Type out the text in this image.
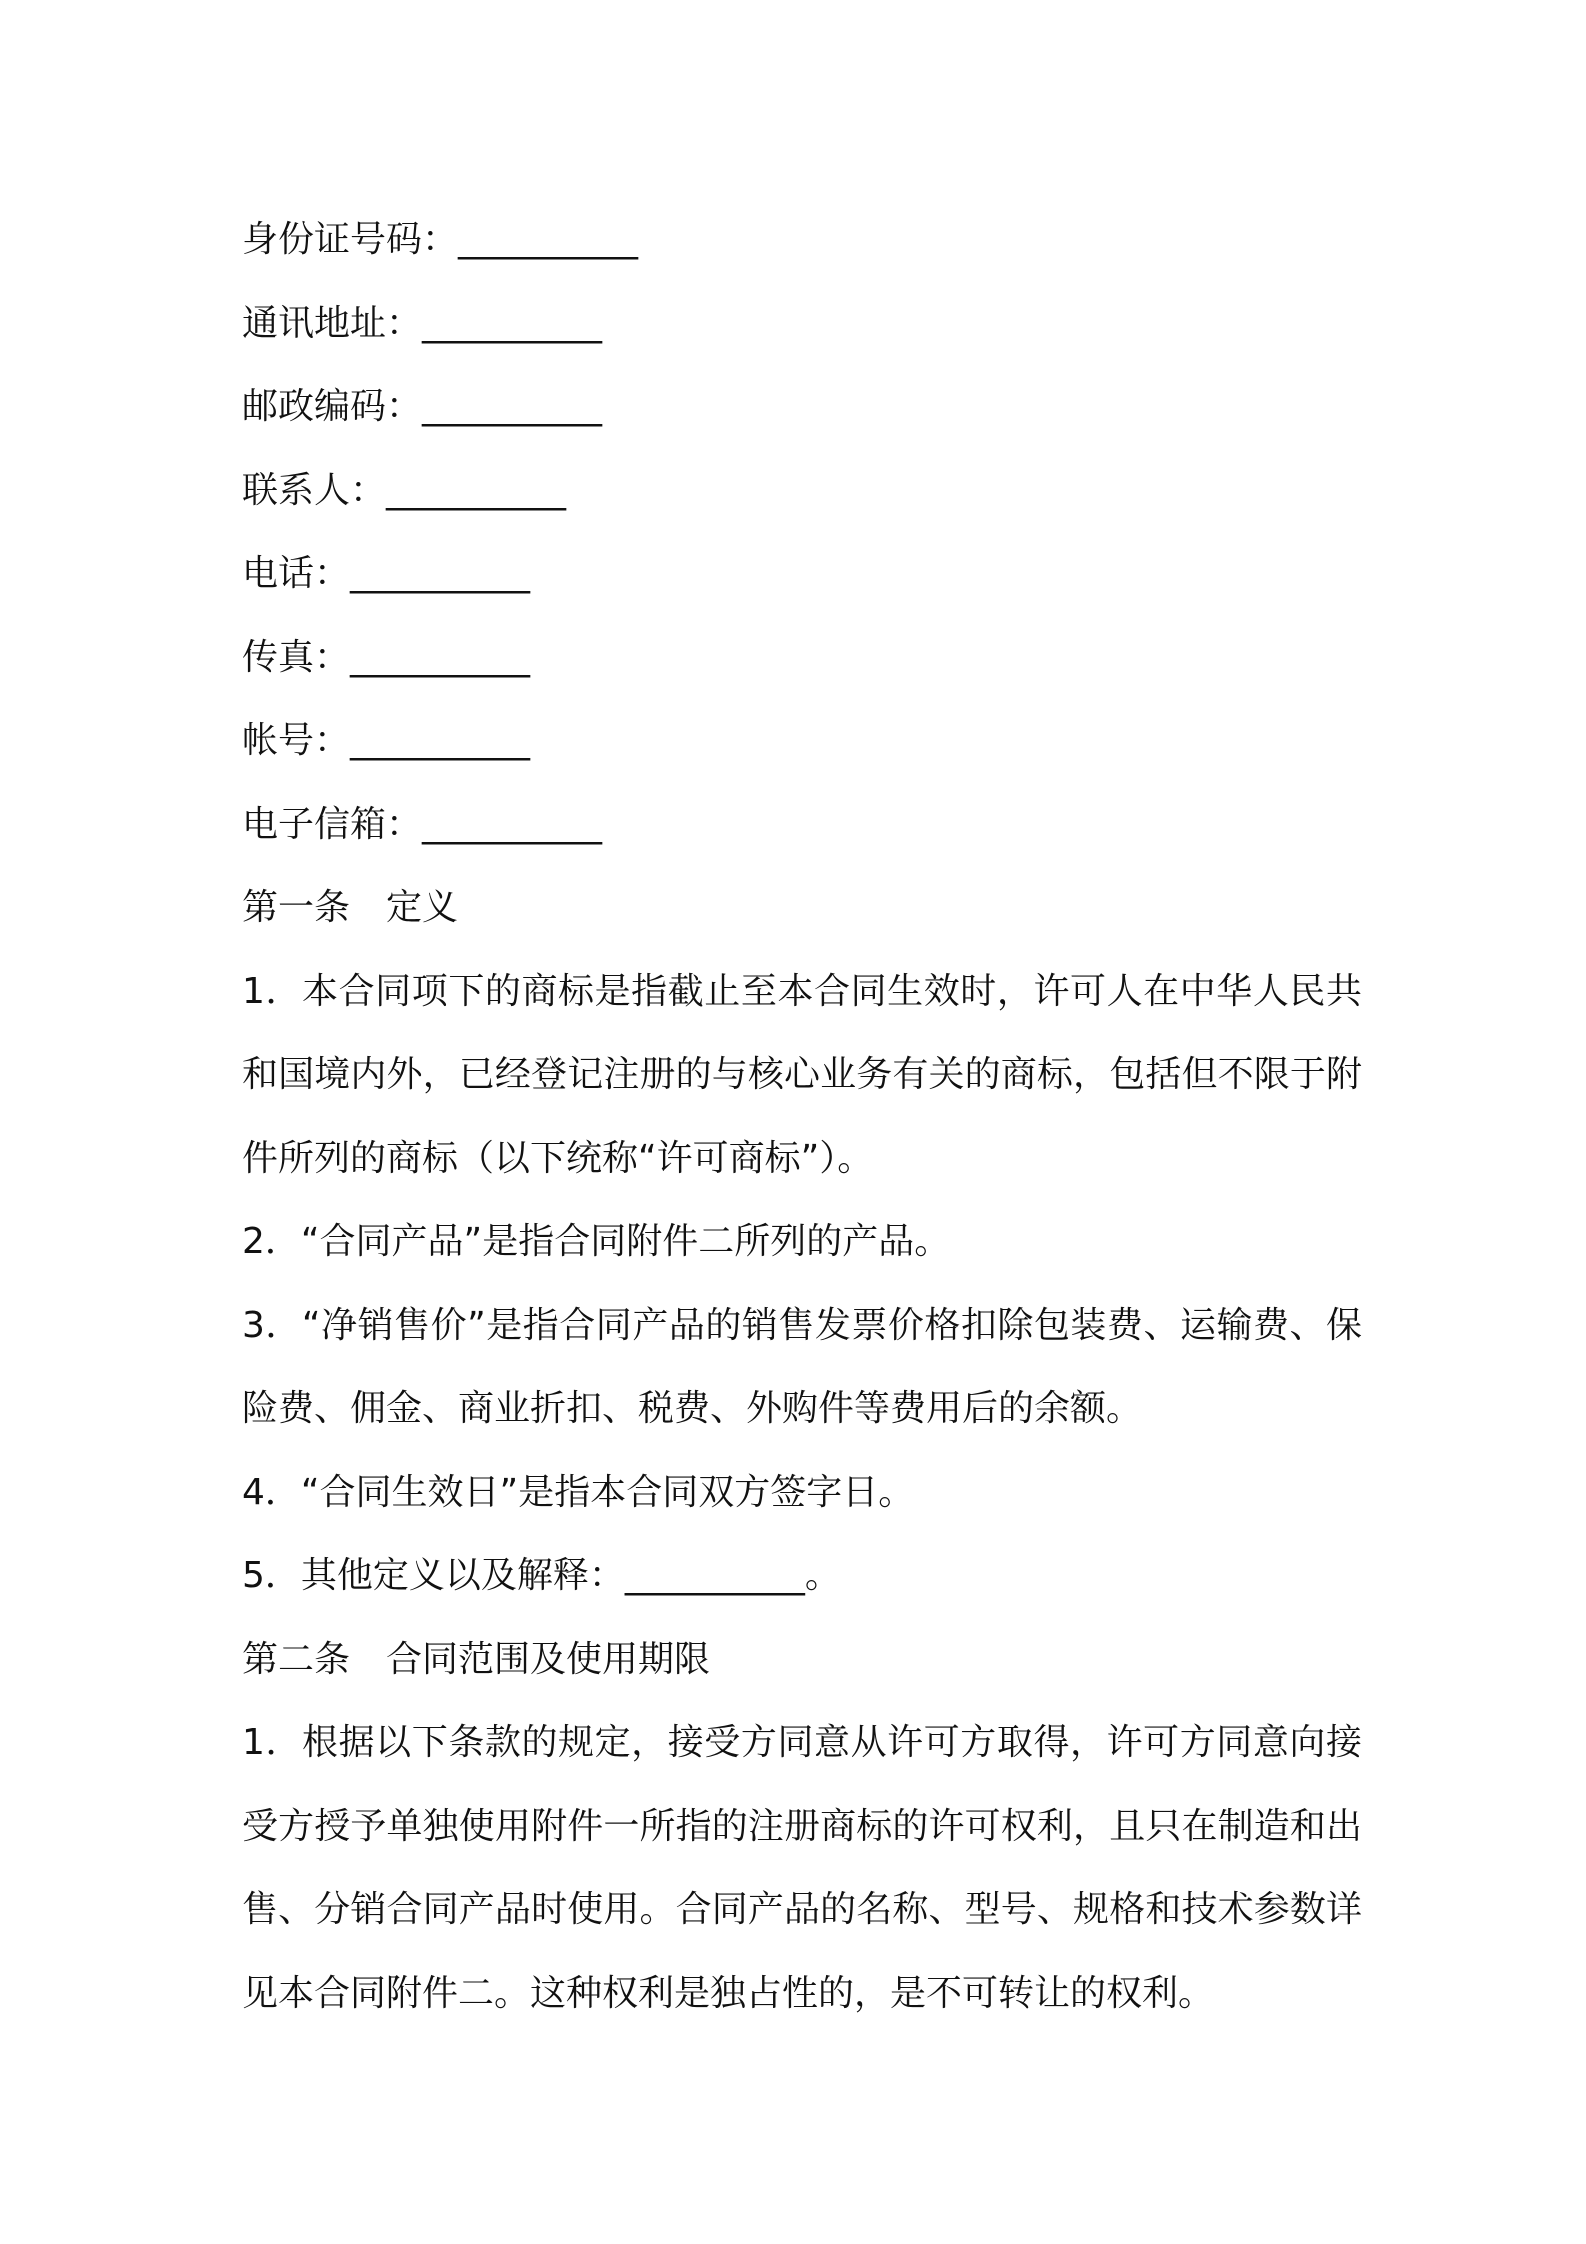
身份证号码：__________

通讯地址：__________

邮政编码：__________

联系人：__________

电话：__________

传真：__________

帐号：__________

电子信箱：__________

第一条　定义

1．本合同项下的商标是指截止至本合同生效时，许可人在中华人民共和国境内外，已经登记注册的与核心业务有关的商标，包括但不限于附件所列的商标（以下统称“许可商标”）。

2．“合同产品”是指合同附件二所列的产品。

3．“净销售价”是指合同产品的销售发票价格扣除包装费、运输费、保险费、佣金、商业折扣、税费、外购件等费用后的余额。

4．“合同生效日”是指本合同双方签字日。

5．其他定义以及解释：__________。

第二条　合同范围及使用期限

1．根据以下条款的规定，接受方同意从许可方取得，许可方同意向接受方授予单独使用附件一所指的注册商标的许可权利，且只在制造和出售、分销合同产品时使用。合同产品的名称、型号、规格和技术参数详见本合同附件二。这种权利是独占性的，是不可转让的权利。
